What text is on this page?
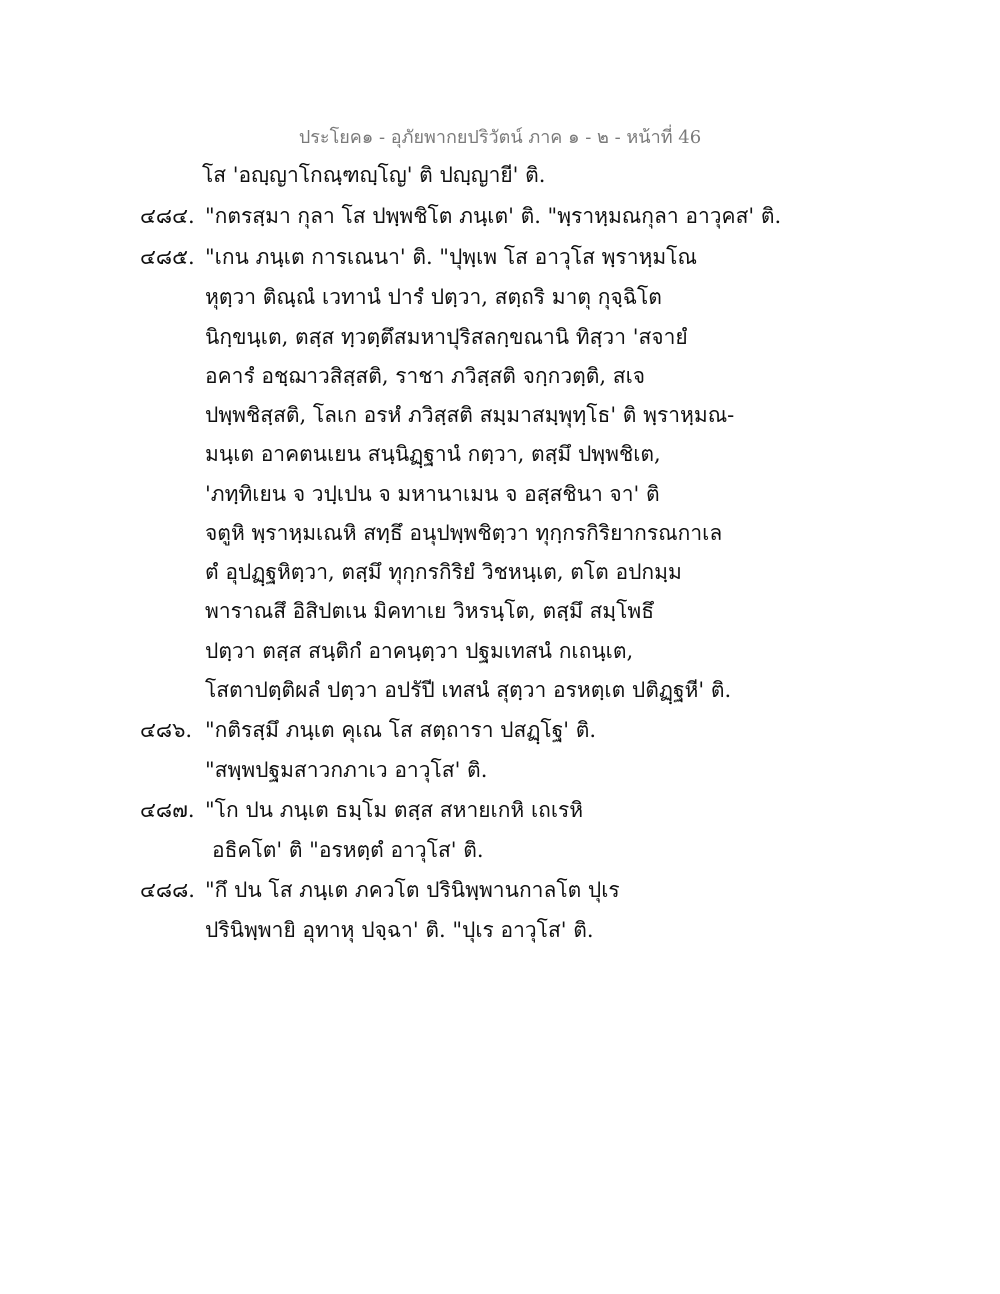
ประโยค๑ - อุภัยพากยปริวัตน์ ภาค ๑ - ๒ - หน้าที่ 46
โส 'อญฺญาโกณฺฑญฺโญ' ติ ปญฺญายี' ติ.
๔๘๔. "กตรสฺมา กุลา โส ปพฺพชิโต ภนฺเต' ติ. "พฺราหฺมณกุลา อาวุคส' ติ.
๔๘๕. "เกน ภนฺเต การเณนา' ติ. "ปุพฺเพ โส อาวุโส พฺราหฺมโณ
หุตฺวา ติณฺณํ เวทานํ ปารํ ปตฺวา, สตฺถริ มาตุ กุจฺฉิโต
นิกฺขนฺเต, ตสฺส ทฺวตฺตึสมหาปุริสลกฺขณานิ ทิสฺวา 'สจายํ
อคารํ อชฺฌาวสิสฺสติ, ราชา ภวิสฺสติ จกฺกวตฺติ, สเจ
ปพฺพชิสฺสติ, โลเก อรหํ ภวิสฺสติ สมฺมาสมฺพุทฺโธ' ติ พฺราหฺมณ-
มนฺเต อาคตนเยน สนฺนิฏฺฐานํ กตฺวา, ตสฺมึ ปพฺพชิเต,
'ภทฺทิเยน จ วปฺเปน จ มหานาเมน จ อสฺสชินา จา' ติ
จตูหิ พฺราหฺมเณหิ สทฺธึ อนุปพฺพชิตฺวา ทุกฺกรกิริยากรณกาเล
ตํ อุปฏฺฐหิตฺวา, ตสฺมึ ทุกฺกรกิริยํ วิชหนฺเต, ตโต อปกมฺม
พาราณสึ อิสิปตเน มิคทาเย วิหรนฺโต, ตสฺมึ สมฺโพธึ
ปตฺวา ตสฺส สนฺติกํ อาคนฺตฺวา ปฐมเทสนํ กเถนฺเต,
โสตาปตฺติผลํ ปตฺวา อปรัปี เทสนํ สุตฺวา อรหตฺเต ปติฏฺฐหี' ติ.
๔๘๖. "กติรสฺมึ ภนฺเต คุเณ โส สตฺถารา ปสฏฺโฐ' ติ.
"สพฺพปฐมสาวกภาเว อาวุโส' ติ.
๔๘๗. "โก ปน ภนฺเต ธมฺโม ตสฺส สหายเกหิ เถเรหิ
อธิคโต' ติ "อรหตฺตํ อาวุโส' ติ.
๔๘๘. "กึ ปน โส ภนฺเต ภควโต ปรินิพฺพานกาลโต ปุเร
ปรินิพฺพายิ อุทาหุ ปจฺฉา' ติ. "ปุเร อาวุโส' ติ.
